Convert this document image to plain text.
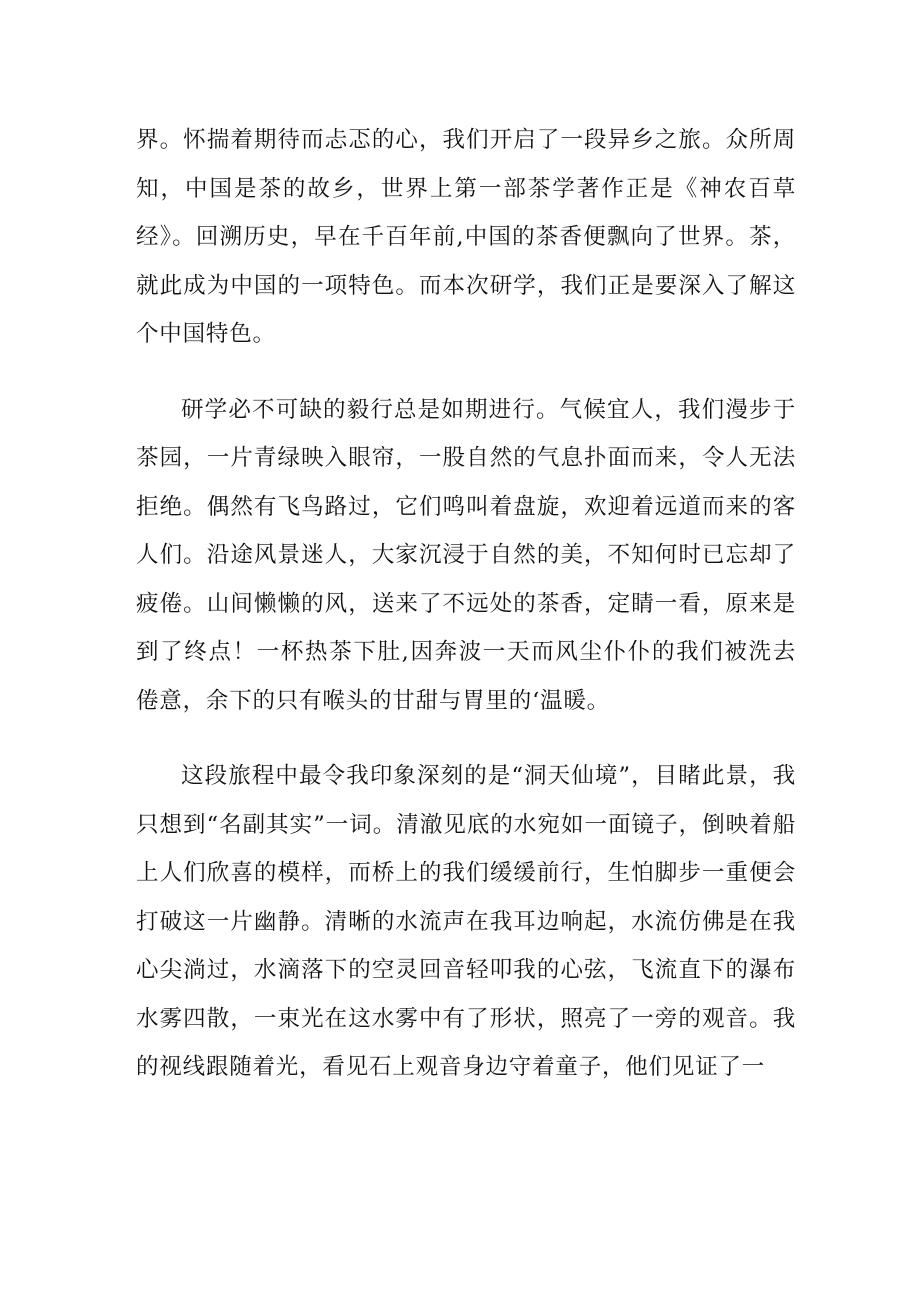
界。怀揣着期待而忐忑的心，我们开启了一段异乡之旅。众所周知，中国是茶的故乡，世界上第一部茶学著作正是《神农百草经》。回溯历史，早在千百年前,中国的茶香便飘向了世界。茶，就此成为中国的一项特色。而本次研学，我们正是要深入了解这个中国特色。

研学必不可缺的毅行总是如期进行。气候宜人，我们漫步于茶园，一片青绿映入眼帘，一股自然的气息扑面而来，令人无法拒绝。偶然有飞鸟路过，它们鸣叫着盘旋，欢迎着远道而来的客人们。沿途风景迷人，大家沉浸于自然的美，不知何时已忘却了疲倦。山间懒懒的风，送来了不远处的茶香，定睛一看，原来是到了终点！一杯热茶下肚,因奔波一天而风尘仆仆的我们被洗去倦意，余下的只有喉头的甘甜与胃里的‘温暖。

这段旅程中最令我印象深刻的是“洞天仙境”，目睹此景，我只想到“名副其实”一词。清澈见底的水宛如一面镜子，倒映着船上人们欣喜的模样，而桥上的我们缓缓前行，生怕脚步一重便会打破这一片幽静。清晰的水流声在我耳边响起，水流仿佛是在我心尖淌过，水滴落下的空灵回音轻叩我的心弦，飞流直下的瀑布水雾四散，一束光在这水雾中有了形状，照亮了一旁的观音。我的视线跟随着光，看见石上观音身边守着童子，他们见证了一
